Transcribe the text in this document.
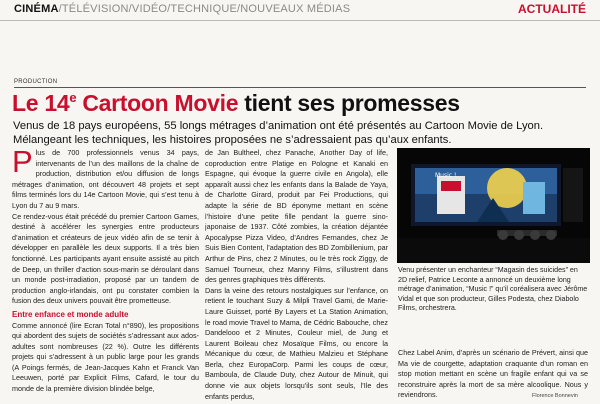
CINÉMA/TÉLÉVISION/VIDÉO/TECHNIQUE/NOUVEAUX MÉDIAS	ACTUALITÉ
PRODUCTION
Le 14e Cartoon Movie tient ses promesses
Venus de 18 pays européens, 55 longs métrages d’animation ont été présentés au Cartoon Movie de Lyon. Mélangeant les techniques, les histoires proposées ne s’adressaient pas qu’aux enfants.
P lus de 700 professionnels venus 34 pays, intervenants de l’un des maillons de la chaîne de production, distribution et/ou diffusion de longs métrages d’animation, ont découvert 48 projets et sept films terminés lors du 14e Cartoon Movie, qui s’est tenu à Lyon du 7 au 9 mars.
Ce rendez-vous était précédé du premier Cartoon Games, destiné à accélérer les synergies entre producteurs d’animation et créateurs de jeux vidéo afin de se tenir à développer en parallèle les deux supports. Il a très bien fonctionné. Les participants ayant ensuite assisté au pitch de Deep, un thriller d’action sous-marin se déroulant dans un monde post-irradiation, proposé par un tandem de production anglo-irlandais, ont pu constater combien la fusion des deux univers pouvait être prometteuse.
Entre enfance et monde adulte
Comme annoncé (lire Ecran Total n°890), les propositions qui abordent des sujets de sociétés s’adressant aux ados-adultes sont nombreuses (22 %). Outre les différents projets qui s’adressent à un public large pour les grands (A Poings fermés, de Jean-Jacques Kahn et Franck Van Leeuwen, porté par Explicit Films, Cafard, le tour du monde de la première division blindée belge,
de Jan Bultheel, chez Panache, Another Day of life, coproduction entre Platige en Pologne et Kanaki en Espagne, qui évoque la guerre civile en Angola), elle apparaît aussi chez les enfants dans la Balade de Yaya, de Charlotte Girard, produit par Fei Productions, qui adapte la série de BD éponyme mettant en scène l’histoire d’une petite fille pendant la guerre sino-japonaise de 1937. Côté zombies, la création déjantée Apocalypse Pizza Video, d’Andres Fernandes, chez Je Suis Bien Content, l’adaptation des BD Zombillenium, par Arthur de Pins, chez 2 Minutes, ou le très rock Ziggy, de Samuel Tourneux, chez Manny Films, s’illustrent dans des genres graphiques très différents.
Dans la veine des retours nostalgiques sur l’enfance, on retient le touchant Suzy & Milpli Travel Gami, de Marie-Laure Guisset, porté By Layers et La Station Animation, le road movie Travel to Mama, de Cédric Babouche, chez Dandelooo et 2 Minutes, Couleur miel, de Jung et Laurent Boileau chez Mosaïque Films, ou encore la Mécanique du cœur, de Mathieu Malzieu et Stéphane Berla, chez EuropaCorp. Parmi les coups de cœur, Bamboula, de Claude Duty, chez Autour de Minuit, qui donne vie aux objets lorsqu’ils sont seuls, l’Ile des enfants perdus,
Music !
Venu présenter un enchanteur “Magasin des suicides” en 2D relief, Patrice Leconte a annoncé un deuxième long métrage d’animation, “Music !” qu’il coréalisera avec Jérôme Vidal et que son producteur, Gilles Podesta, chez Diabolo Films, orchestrera.
Chez Label Anim, d’après un scénario de Prévert, ainsi que Ma vie de courgette, adaptation craquante d’un roman en stop motion mettant en scène un fragile enfant qui va se reconstruire après la mort de sa mère alcoolique. Nous y reviendrons.	Florence Bonnevin
